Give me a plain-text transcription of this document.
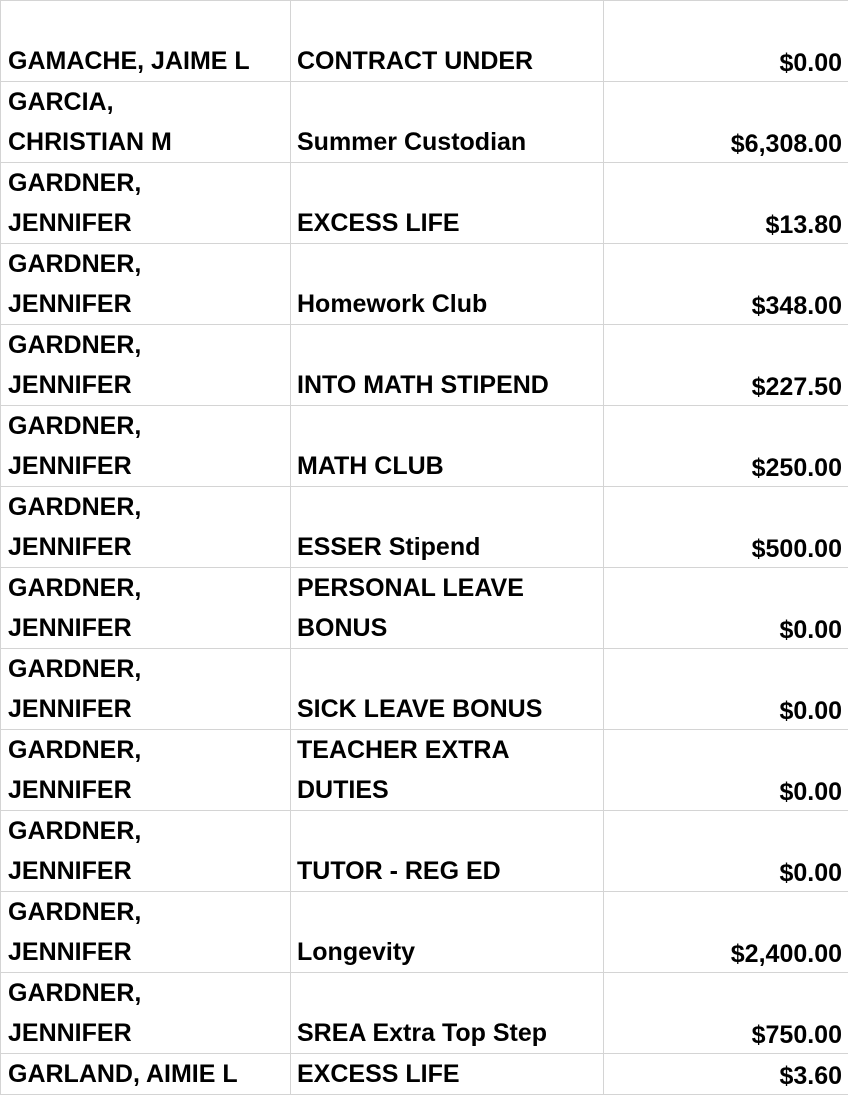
GAMACHE, JAIME L	CONTRACT UNDER	$0.00

GARCIA,
CHRISTIAN M	Summer Custodian	$6,308.00

GARDNER,
JENNIFER	EXCESS LIFE	$13.80

GARDNER,
JENNIFER	Homework Club	$348.00

GARDNER,
JENNIFER	INTO MATH STIPEND	$227.50

GARDNER,
JENNIFER	MATH CLUB	$250.00

GARDNER,
JENNIFER	ESSER Stipend	$500.00

GARDNER,
JENNIFER	PERSONAL LEAVE
BONUS	$0.00

GARDNER,
JENNIFER	SICK LEAVE BONUS	$0.00

GARDNER,
JENNIFER	TEACHER EXTRA
DUTIES	$0.00

GARDNER,
JENNIFER	TUTOR - REG ED	$0.00

GARDNER,
JENNIFER	Longevity	$2,400.00

GARDNER,
JENNIFER	SREA Extra Top Step	$750.00

GARLAND, AIMIE L	EXCESS LIFE	$3.60
